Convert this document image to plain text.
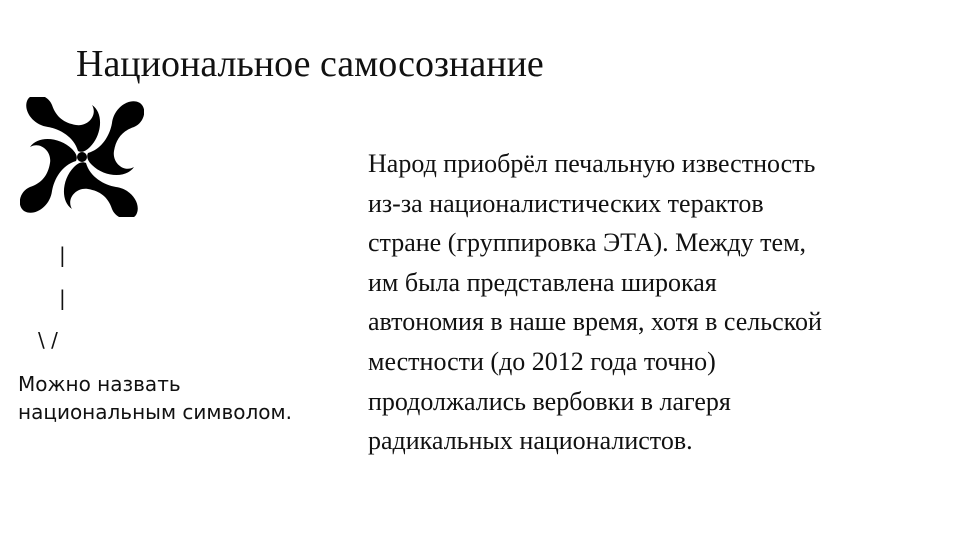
Национальное самосознание
|
|
\ /
Можно назвать
национальным символом.
Народ приобрёл печальную известность
из-за националистических терактов
стране (группировка ЭТА). Между тем,
им была представлена широкая
автономия в наше время, хотя в сельской
местности (до 2012 года точно)
продолжались вербовки в лагеря
радикальных националистов.
